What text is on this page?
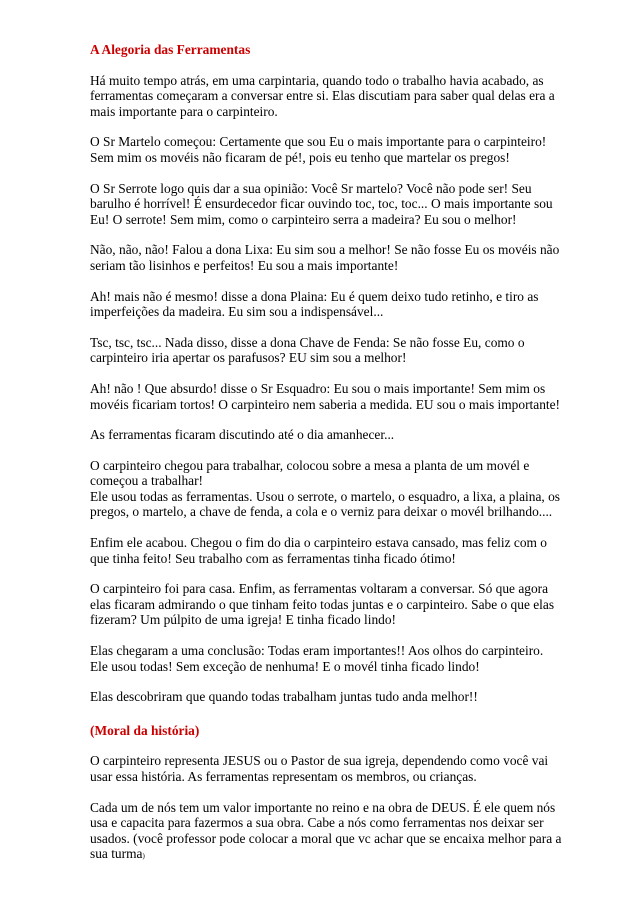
A Alegoria das Ferramentas
Há muito tempo atrás, em uma carpintaria, quando todo o trabalho havia acabado, as
ferramentas começaram a conversar entre si. Elas discutiam para saber qual delas era a
mais importante para o carpinteiro.
O Sr Martelo começou: Certamente que sou Eu o mais importante para o carpinteiro!
Sem mim os movéis não ficaram de pé!, pois eu tenho que martelar os pregos!
O Sr Serrote logo quis dar a sua opinião: Você Sr martelo? Você não pode ser! Seu
barulho é horrível! É ensurdecedor ficar ouvindo toc, toc, toc... O mais importante sou
Eu! O serrote! Sem mim, como o carpinteiro serra a madeira? Eu sou o melhor!
Não, não, não! Falou a dona Lixa: Eu sim sou a melhor! Se não fosse Eu os movéis não
seriam tão lisinhos e perfeitos! Eu sou a mais importante!
Ah! mais não é mesmo! disse a dona Plaina: Eu é quem deixo tudo retinho, e tiro as
imperfeições da madeira. Eu sim sou a indispensável...
Tsc, tsc, tsc... Nada disso, disse a dona Chave de Fenda: Se não fosse Eu, como o
carpinteiro iria apertar os parafusos? EU sim sou a melhor!
Ah! não ! Que absurdo! disse o Sr Esquadro: Eu sou o mais importante! Sem mim os
movéis ficariam tortos! O carpinteiro nem saberia a medida. EU sou o mais importante!
As ferramentas ficaram discutindo até o dia amanhecer...
O carpinteiro chegou para trabalhar, colocou sobre a mesa a planta de um movél e
começou a trabalhar!
Ele usou todas as ferramentas. Usou o serrote, o martelo, o esquadro, a lixa, a plaina, os
pregos, o martelo, a chave de fenda, a cola e o verniz para deixar o movél brilhando....
Enfim ele acabou. Chegou o fim do dia o carpinteiro estava cansado, mas feliz com o
que tinha feito! Seu trabalho com as ferramentas tinha ficado ótimo!
O carpinteiro foi para casa. Enfim, as ferramentas voltaram a conversar. Só que agora
elas ficaram admirando o que tinham feito todas juntas e o carpinteiro. Sabe o que elas
fizeram? Um púlpito de uma igreja! E tinha ficado lindo!
Elas chegaram a uma conclusão: Todas eram importantes!! Aos olhos do carpinteiro.
Ele usou todas! Sem exceção de nenhuma! E o movél tinha ficado lindo!
Elas descobriram que quando todas trabalham juntas tudo anda melhor!!
(Moral da história)
O carpinteiro representa JESUS ou o Pastor de sua igreja, dependendo como você vai
usar essa história. As ferramentas representam os membros, ou crianças.
Cada um de nós tem um valor importante no reino e na obra de DEUS. É ele quem nós
usa e capacita para fazermos a sua obra. Cabe a nós como ferramentas nos deixar ser
usados. (você professor pode colocar a moral que vc achar que se encaixa melhor para a
sua turma)
